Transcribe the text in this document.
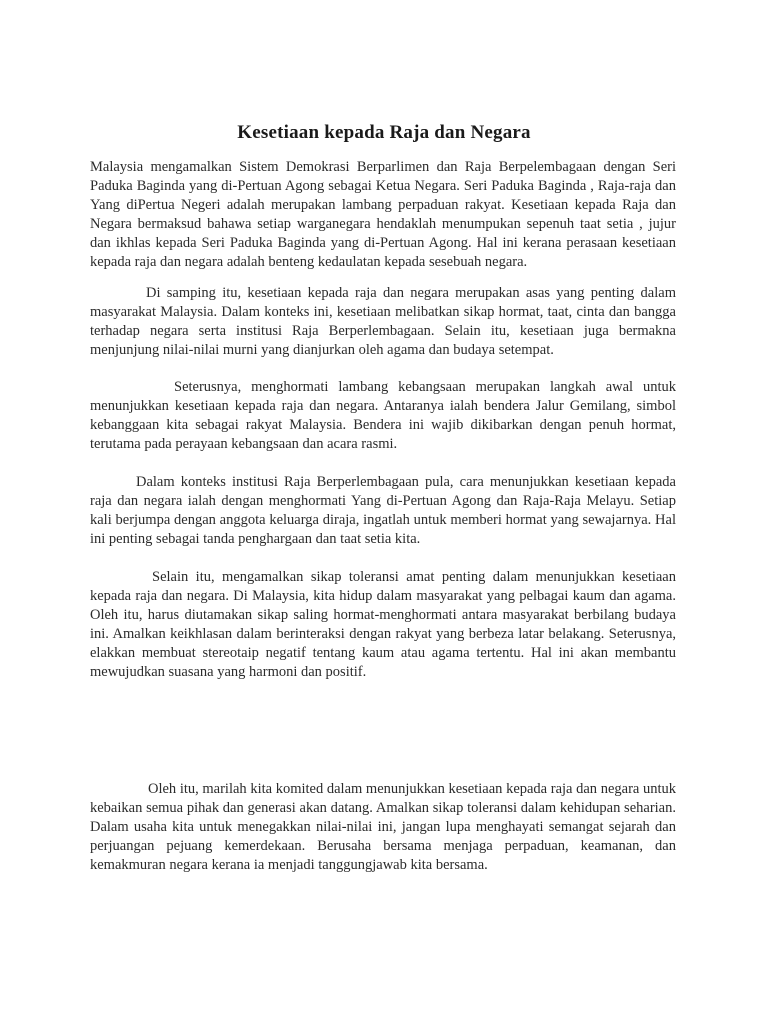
Kesetiaan kepada Raja dan Negara

Malaysia mengamalkan Sistem Demokrasi Berparlimen dan Raja Berpelembagaan dengan Seri Paduka Baginda yang di-Pertuan Agong sebagai Ketua Negara. Seri Paduka Baginda , Raja-raja dan Yang diPertua Negeri adalah merupakan lambang perpaduan rakyat. Kesetiaan kepada Raja dan Negara bermaksud bahawa setiap warganegara hendaklah menumpukan sepenuh taat setia , jujur dan ikhlas kepada Seri Paduka Baginda yang di-Pertuan Agong. Hal ini kerana perasaan kesetiaan kepada raja dan negara adalah benteng kedaulatan kepada sesebuah negara.

Di samping itu, kesetiaan kepada raja dan negara merupakan asas yang penting dalam masyarakat Malaysia. Dalam konteks ini, kesetiaan melibatkan sikap hormat, taat, cinta dan bangga terhadap negara serta institusi Raja Berperlembagaan. Selain itu, kesetiaan juga bermakna menjunjung nilai-nilai murni yang dianjurkan oleh agama dan budaya setempat.

Seterusnya, menghormati lambang kebangsaan merupakan langkah awal untuk menunjukkan kesetiaan kepada raja dan negara. Antaranya ialah bendera Jalur Gemilang, simbol kebanggaan kita sebagai rakyat Malaysia. Bendera ini wajib dikibarkan dengan penuh hormat, terutama pada perayaan kebangsaan dan acara rasmi.

Dalam konteks institusi Raja Berperlembagaan pula, cara menunjukkan kesetiaan kepada raja dan negara ialah dengan menghormati Yang di-Pertuan Agong dan Raja-Raja Melayu. Setiap kali berjumpa dengan anggota keluarga diraja, ingatlah untuk memberi hormat yang sewajarnya. Hal ini penting sebagai tanda penghargaan dan taat setia kita.

Selain itu, mengamalkan sikap toleransi amat penting dalam menunjukkan kesetiaan kepada raja dan negara. Di Malaysia, kita hidup dalam masyarakat yang pelbagai kaum dan agama. Oleh itu, harus diutamakan sikap saling hormat-menghormati antara masyarakat berbilang budaya ini. Amalkan keikhlasan dalam berinteraksi dengan rakyat yang berbeza latar belakang. Seterusnya, elakkan membuat stereotaip negatif tentang kaum atau agama tertentu. Hal ini akan membantu mewujudkan suasana yang harmoni dan positif.

Oleh itu, marilah kita komited dalam menunjukkan kesetiaan kepada raja dan negara untuk kebaikan semua pihak dan generasi akan datang. Amalkan sikap toleransi dalam kehidupan seharian. Dalam usaha kita untuk menegakkan nilai-nilai ini, jangan lupa menghayati semangat sejarah dan perjuangan pejuang kemerdekaan. Berusaha bersama menjaga perpaduan, keamanan, dan kemakmuran negara kerana ia menjadi tanggungjawab kita bersama.
